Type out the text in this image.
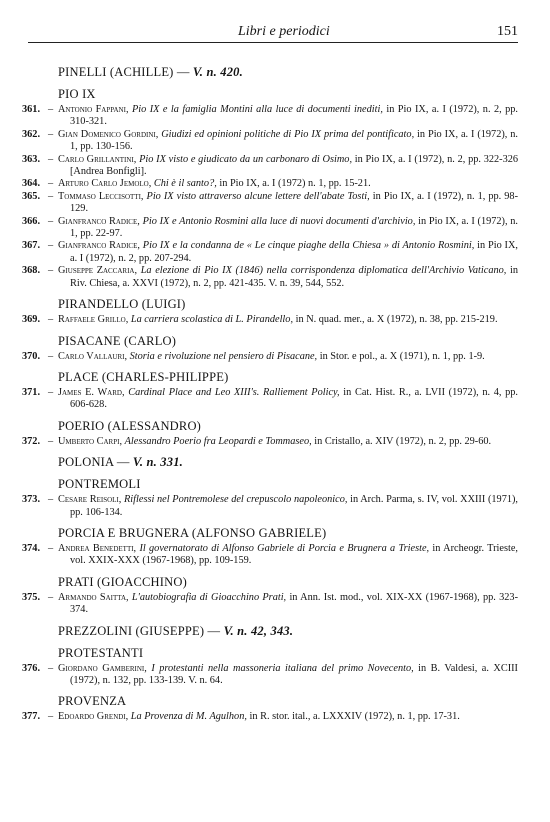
Libri e periodici	151
PINELLI (ACHILLE) — V. n. 420.
PIO IX
361. – Antonio Fappani, Pio IX e la famiglia Montini alla luce di documenti inediti, in Pio IX, a. I (1972), n. 2, pp. 310-321.
362. – Gian Domenico Gordini, Giudizi ed opinioni politiche di Pio IX prima del pontificato, in Pio IX, a. I (1972), n. 1, pp. 130-156.
363. – Carlo Grillantini, Pio IX visto e giudicato da un carbonaro di Osimo, in Pio IX, a. I (1972), n. 2, pp. 322-326 [Andrea Bonfigli].
364. – Arturo Carlo Jemolo, Chi è il santo?, in Pio IX, a. I (1972) n. 1, pp. 15-21.
365. – Tommaso Leccisotti, Pio IX visto attraverso alcune lettere dell'abate Tosti, in Pio IX, a. I (1972), n. 1, pp. 98-129.
366. – Gianfranco Radice, Pio IX e Antonio Rosmini alla luce di nuovi documenti d'archivio, in Pio IX, a. I (1972), n. 1, pp. 22-97.
367. – Gianfranco Radice, Pio IX e la condanna de « Le cinque piaghe della Chiesa » di Antonio Rosmini, in Pio IX, a. I (1972), n. 2, pp. 207-294.
368. – Giuseppe Zaccaria, La elezione di Pio IX (1846) nella corrispondenza diplomatica dell'Archivio Vaticano, in Riv. Chiesa, a. XXVI (1972), n. 2, pp. 421-435. V. n. 39, 544, 552.
PIRANDELLO (LUIGI)
369. – Raffaele Grillo, La carriera scolastica di L. Pirandello, in N. quad. mer., a. X (1972), n. 38, pp. 215-219.
PISACANE (CARLO)
370. – Carlo Vallauri, Storia e rivoluzione nel pensiero di Pisacane, in Stor. e pol., a. X (1971), n. 1, pp. 1-9.
PLACE (CHARLES-PHILIPPE)
371. – James E. Ward, Cardinal Place and Leo XIII's. Ralliement Policy, in Cat. Hist. R., a. LVII (1972), n. 4, pp. 606-628.
POERIO (ALESSANDRO)
372. – Umberto Carpi, Alessandro Poerio fra Leopardi e Tommaseo, in Cristallo, a. XIV (1972), n. 2, pp. 29-60.
POLONIA — V. n. 331.
PONTREMOLI
373. – Cesare Reisoli, Riflessi nel Pontremolese del crepuscolo napoleonico, in Arch. Parma, s. IV, vol. XXIII (1971), pp. 106-134.
PORCIA E BRUGNERA (ALFONSO GABRIELE)
374. – Andrea Benedetti, Il governatorato di Alfonso Gabriele di Porcia e Brugnera a Trieste, in Archeogr. Trieste, vol. XXIX-XXX (1967-1968), pp. 109-159.
PRATI (GIOACCHINO)
375. – Armando Saitta, L'autobiografia di Gioacchino Prati, in Ann. Ist. mod., vol. XIX-XX (1967-1968), pp. 323-374.
PREZZOLINI (GIUSEPPE) — V. n. 42, 343.
PROTESTANTI
376. – Giordano Gamberini, I protestanti nella massoneria italiana del primo Novecento, in B. Valdesi, a. XCIII (1972), n. 132, pp. 133-139. V. n. 64.
PROVENZA
377. – Edoardo Grendi, La Provenza di M. Agulhon, in R. stor. ital., a. LXXXIV (1972), n. 1, pp. 17-31.
